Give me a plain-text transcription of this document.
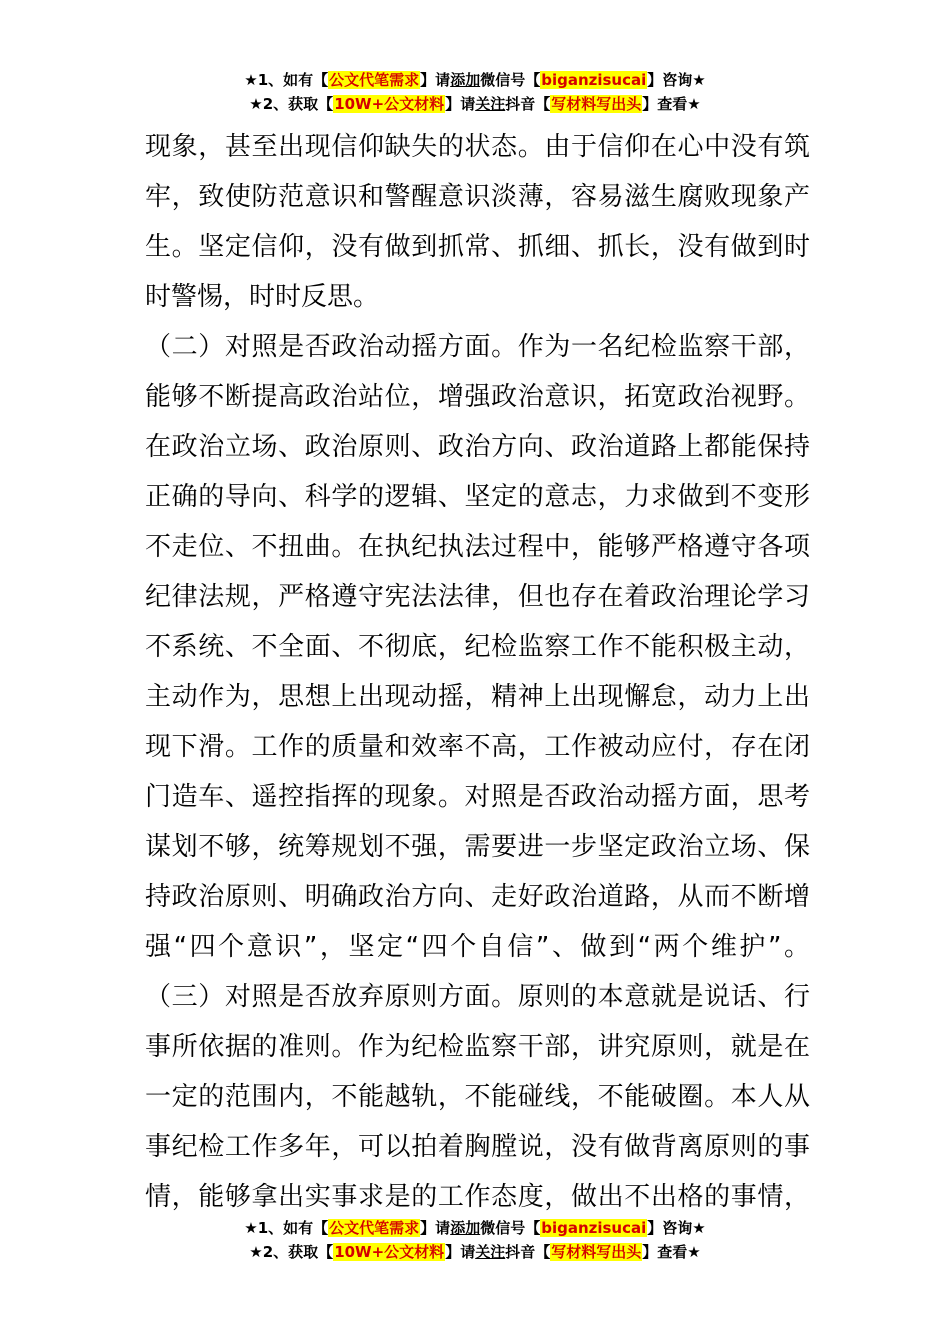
★1、如有【公文代笔需求】请添加微信号【biganzisucai】咨询★
★2、获取【10W+公文材料】请关注抖音【写材料写出头】查看★
现象，甚至出现信仰缺失的状态。由于信仰在心中没有筑
牢，致使防范意识和警醒意识淡薄，容易滋生腐败现象产
生。坚定信仰，没有做到抓常、抓细、抓长，没有做到时
时警惕，时时反思。
（二）对照是否政治动摇方面。作为一名纪检监察干部，
能够不断提高政治站位，增强政治意识，拓宽政治视野。
在政治立场、政治原则、政治方向、政治道路上都能保持
正确的导向、科学的逻辑、坚定的意志，力求做到不变形
不走位、不扭曲。在执纪执法过程中，能够严格遵守各项
纪律法规，严格遵守宪法法律，但也存在着政治理论学习
不系统、不全面、不彻底，纪检监察工作不能积极主动，
主动作为，思想上出现动摇，精神上出现懈怠，动力上出
现下滑。工作的质量和效率不高，工作被动应付，存在闭
门造车、遥控指挥的现象。对照是否政治动摇方面，思考
谋划不够，统筹规划不强，需要进一步坚定政治立场、保
持政治原则、明确政治方向、走好政治道路，从而不断增
强“四个意识”，坚定“四个自信”、做到“两个维护”。
（三）对照是否放弃原则方面。原则的本意就是说话、行
事所依据的准则。作为纪检监察干部，讲究原则，就是在
一定的范围内，不能越轨，不能碰线，不能破圈。本人从
事纪检工作多年，可以拍着胸膛说，没有做背离原则的事
情，能够拿出实事求是的工作态度，做出不出格的事情，
★1、如有【公文代笔需求】请添加微信号【biganzisucai】咨询★
★2、获取【10W+公文材料】请关注抖音【写材料写出头】查看★
